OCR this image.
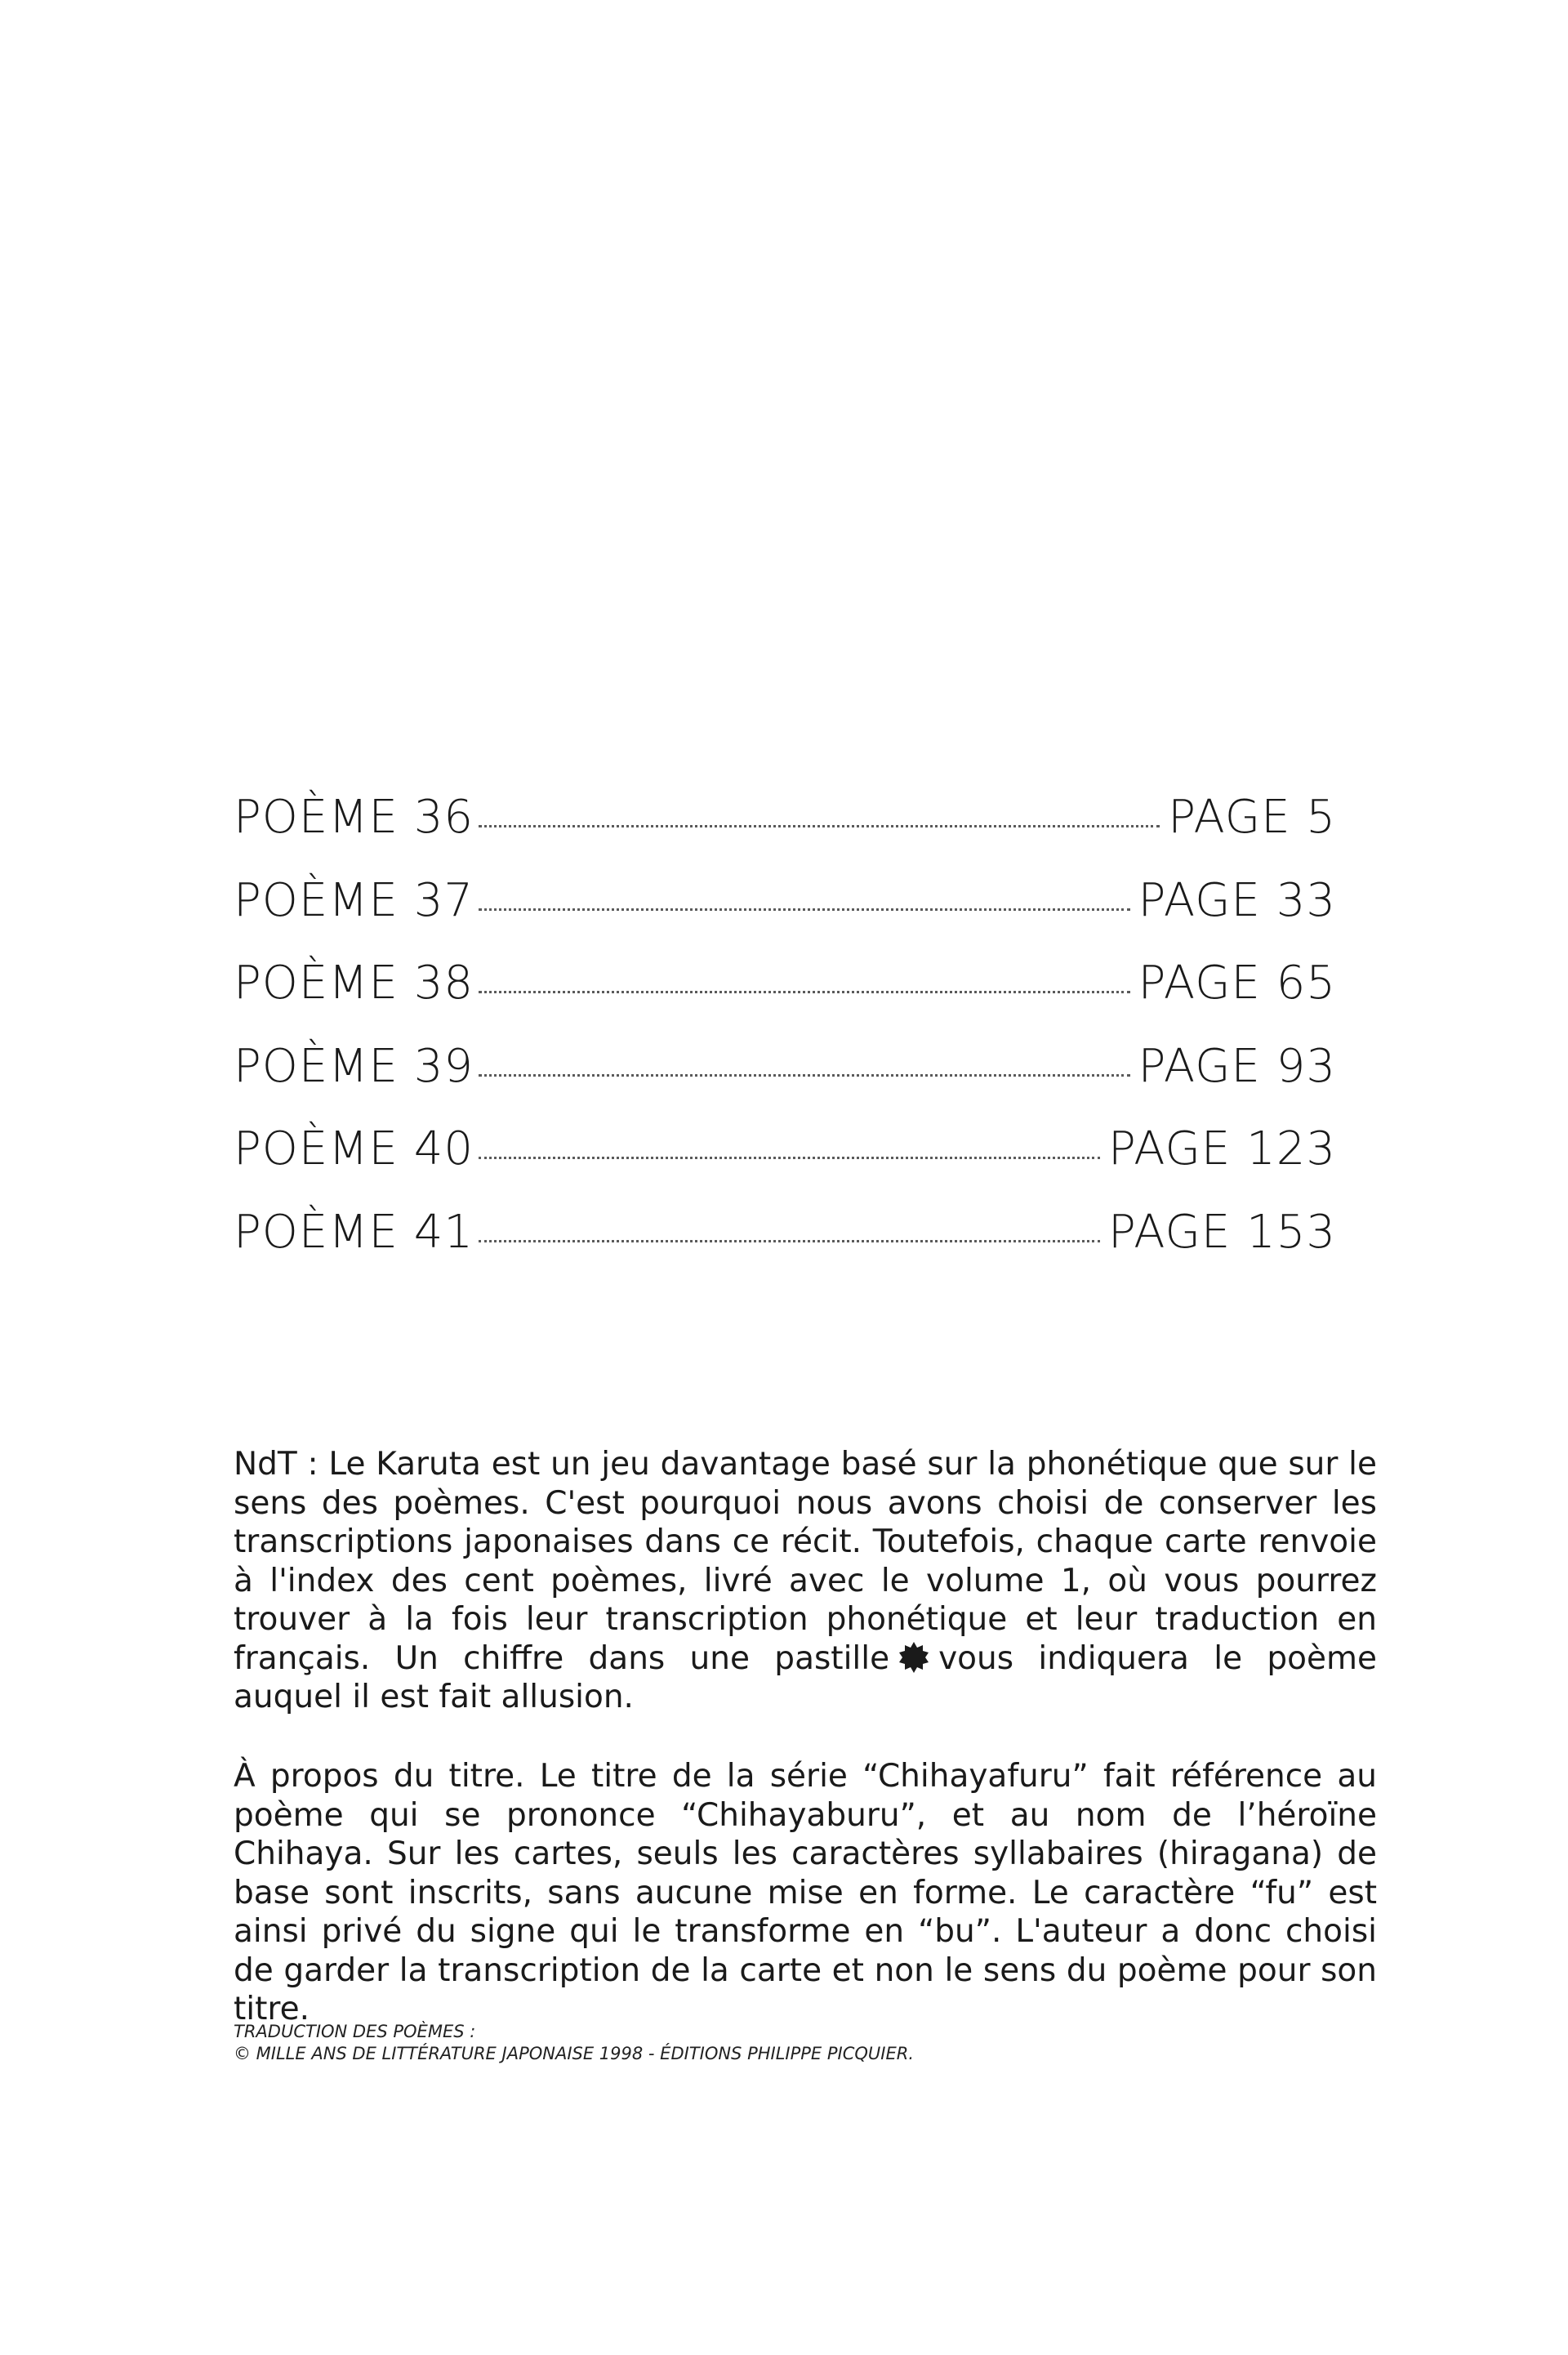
POÈME 36	PAGE 5
POÈME 37	PAGE 33
POÈME 38	PAGE 65
POÈME 39	PAGE 93
POÈME 40	PAGE 123
POÈME 41	PAGE 153

NdT : Le Karuta est un jeu davantage basé sur la phonétique que sur le sens des poèmes. C'est pourquoi nous avons choisi de conserver les transcriptions japonaises dans ce récit. Toutefois, chaque carte renvoie à l'index des cent poèmes, livré avec le volume 1, où vous pourrez trouver à la fois leur transcription phonétique et leur traduction en français. Un chiffre dans une pastille vous indiquera le poème auquel il est fait allusion.

À propos du titre. Le titre de la série “Chihayafuru” fait référence au poème qui se prononce “Chihayaburu”, et au nom de l’héroïne Chihaya. Sur les cartes, seuls les caractères syllabaires (hiragana) de base sont inscrits, sans aucune mise en forme. Le caractère “fu” est ainsi privé du signe qui le transforme en “bu”. L'auteur a donc choisi de garder la transcription de la carte et non le sens du poème pour son titre.

TRADUCTION DES POÈMES :
© MILLE ANS DE LITTÉRATURE JAPONAISE 1998 - ÉDITIONS PHILIPPE PICQUIER.
